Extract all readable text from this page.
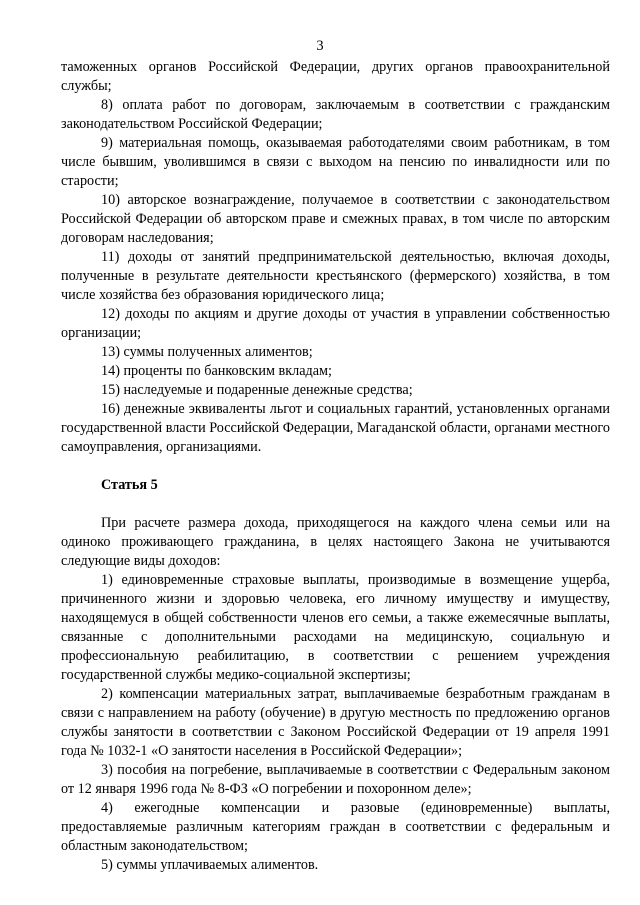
3

таможенных органов Российской Федерации, других органов правоохранительной службы;

8) оплата работ по договорам, заключаемым в соответствии с гражданским законодательством Российской Федерации;

9) материальная помощь, оказываемая работодателями своим работникам, в том числе бывшим, уволившимся в связи с выходом на пенсию по инвалидности или по старости;

10) авторское вознаграждение, получаемое в соответствии с законодательством Российской Федерации об авторском праве и смежных правах, в том числе по авторским договорам наследования;

11) доходы от занятий предпринимательской деятельностью, включая доходы, полученные в результате деятельности крестьянского (фермерского) хозяйства, в том числе хозяйства без образования юридического лица;

12) доходы по акциям и другие доходы от участия в управлении собственностью организации;

13) суммы полученных алиментов;

14) проценты по банковским вкладам;

15) наследуемые и подаренные денежные средства;

16) денежные эквиваленты льгот и социальных гарантий, установленных органами государственной власти Российской Федерации, Магаданской области, органами местного самоуправления, организациями.

Статья 5

При расчете размера дохода, приходящегося на каждого члена семьи или на одиноко проживающего гражданина, в целях настоящего Закона не учитываются следующие виды доходов:

1) единовременные страховые выплаты, производимые в возмещение ущерба, причиненного жизни и здоровью человека, его личному имуществу и имуществу, находящемуся в общей собственности членов его семьи, а также ежемесячные выплаты, связанные с дополнительными расходами на медицинскую, социальную и профессиональную реабилитацию, в соответствии с решением учреждения государственной службы медико-социальной экспертизы;

2) компенсации материальных затрат, выплачиваемые безработным гражданам в связи с направлением на работу (обучение) в другую местность по предложению органов службы занятости в соответствии с Законом Российской Федерации от 19 апреля 1991 года № 1032-1 «О занятости населения в Российской Федерации»;

3) пособия на погребение, выплачиваемые в соответствии с Федеральным законом от 12 января 1996 года № 8-ФЗ «О погребении и похоронном деле»;

4) ежегодные компенсации и разовые (единовременные) выплаты, предоставляемые различным категориям граждан в соответствии с федеральным и областным законодательством;

5) суммы уплачиваемых алиментов.
